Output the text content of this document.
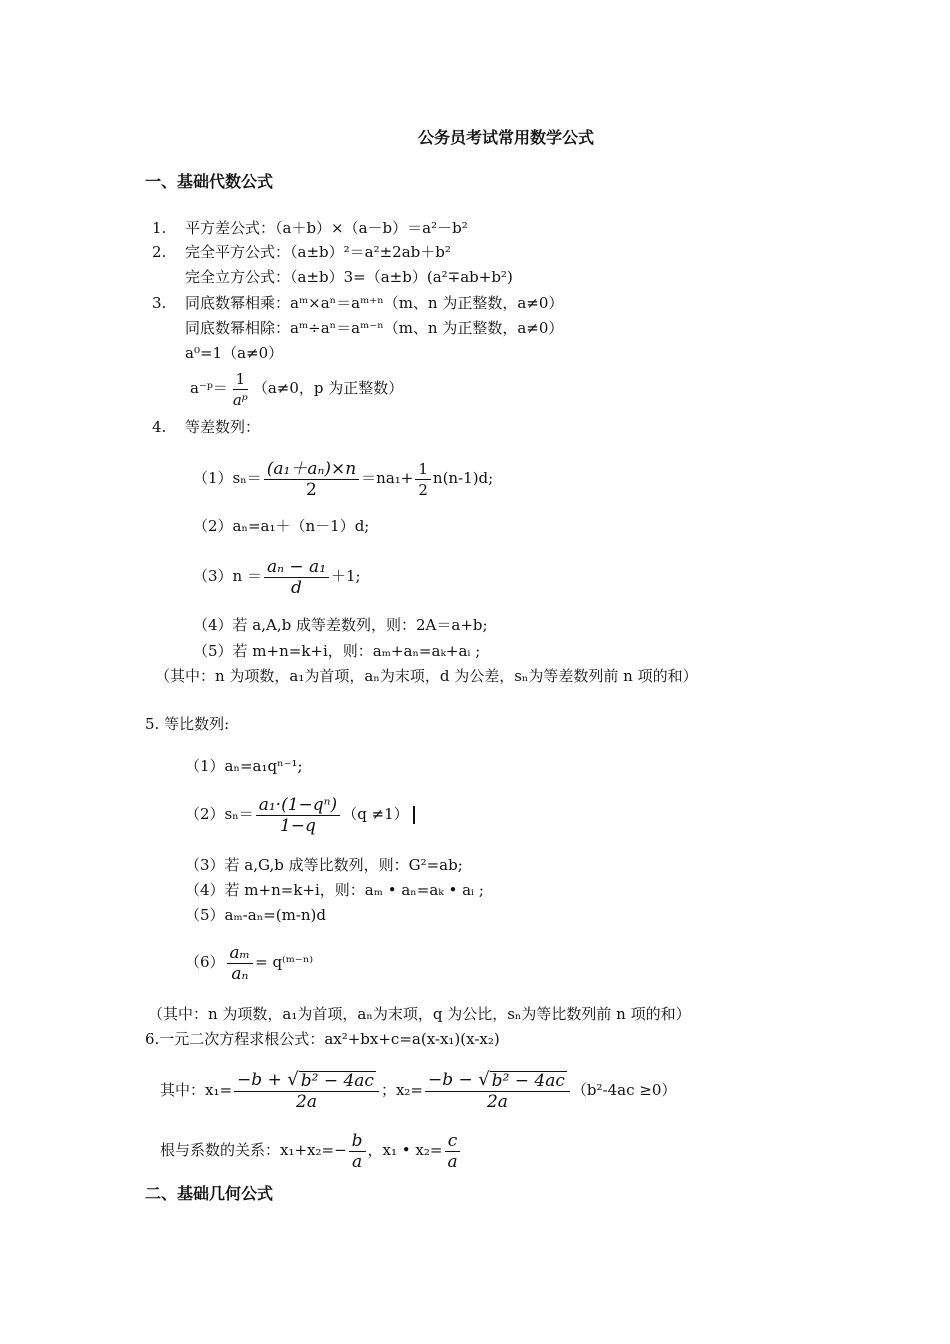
公务员考试常用数学公式
一、基础代数公式
1. 平方差公式：（a＋b）×（a－b）＝a²－b²
2. 完全平方公式：（a±b）²＝a²±2ab＋b²
完全立方公式：（a±b）3=（a±b）(a²∓ab+b²)
3. 同底数幂相乘：aᵐ×aⁿ＝aᵐ⁺ⁿ（m、n 为正整数，a≠0）
同底数幂相除：aᵐ÷aⁿ＝aᵐ⁻ⁿ（m、n 为正整数，a≠0）
a⁰=1（a≠0）
a⁻ᵖ＝ $\frac{1}{\text{aᵖ}} (a\ne 0$，p 为正整数）
4. 等差数列：
$(1)s_n= \frac{\text{(a₁＋aₙ)×n}}{2} =na_1+ \frac{1}{2} n(n-1)d$;
（2）aₙ=a₁＋（n－1）d;
$(3)n = \frac{\text{aₙ − a₁}}{d} +1$;
（4）若 a,A,b 成等差数列，则：2A＝a+b;
（5）若 m+n=k+i，则：aₘ+aₙ=aₖ+aᵢ ;
（其中：n 为项数，a₁为首项，aₙ为末项，d 为公差，sₙ为等差数列前 n 项的和）
5. 等比数列:
（1）aₙ=a₁qⁿ⁻¹;
$(2)s_n= \frac{\text{a₁·(1−qⁿ)}}{1-q} (q \ne 1)$
（3）若 a,G,b 成等比数列，则：G²=ab;
（4）若 m+n=k+i，则：aₘ • aₙ=aₖ • aᵢ ;
（5）aₘ-aₙ=(m-n)d
$(6) \frac{\text{aₘ}}{\text{aₙ}}$ = q⁽ᵐ⁻ⁿ⁾
（其中：n 为项数，a₁为首项，aₙ为末项，q 为公比，sₙ为等比数列前 n 项的和）
6.一元二次方程求根公式：ax²+bx+c=a(x-x₁)(x-x₂)
其中：$x_1= \frac{\text{−b + √ b² − 4ac}}{2a}$ ；$x_2= \frac{\text{−b − √ b² − 4ac}}{2a} (b^2-4ac \ge 0)$
根与系数的关系：$x_1+x_2=- \frac{b}{a}$ ，x₁ • $x_2= \frac{c}{a}$
二、基础几何公式
